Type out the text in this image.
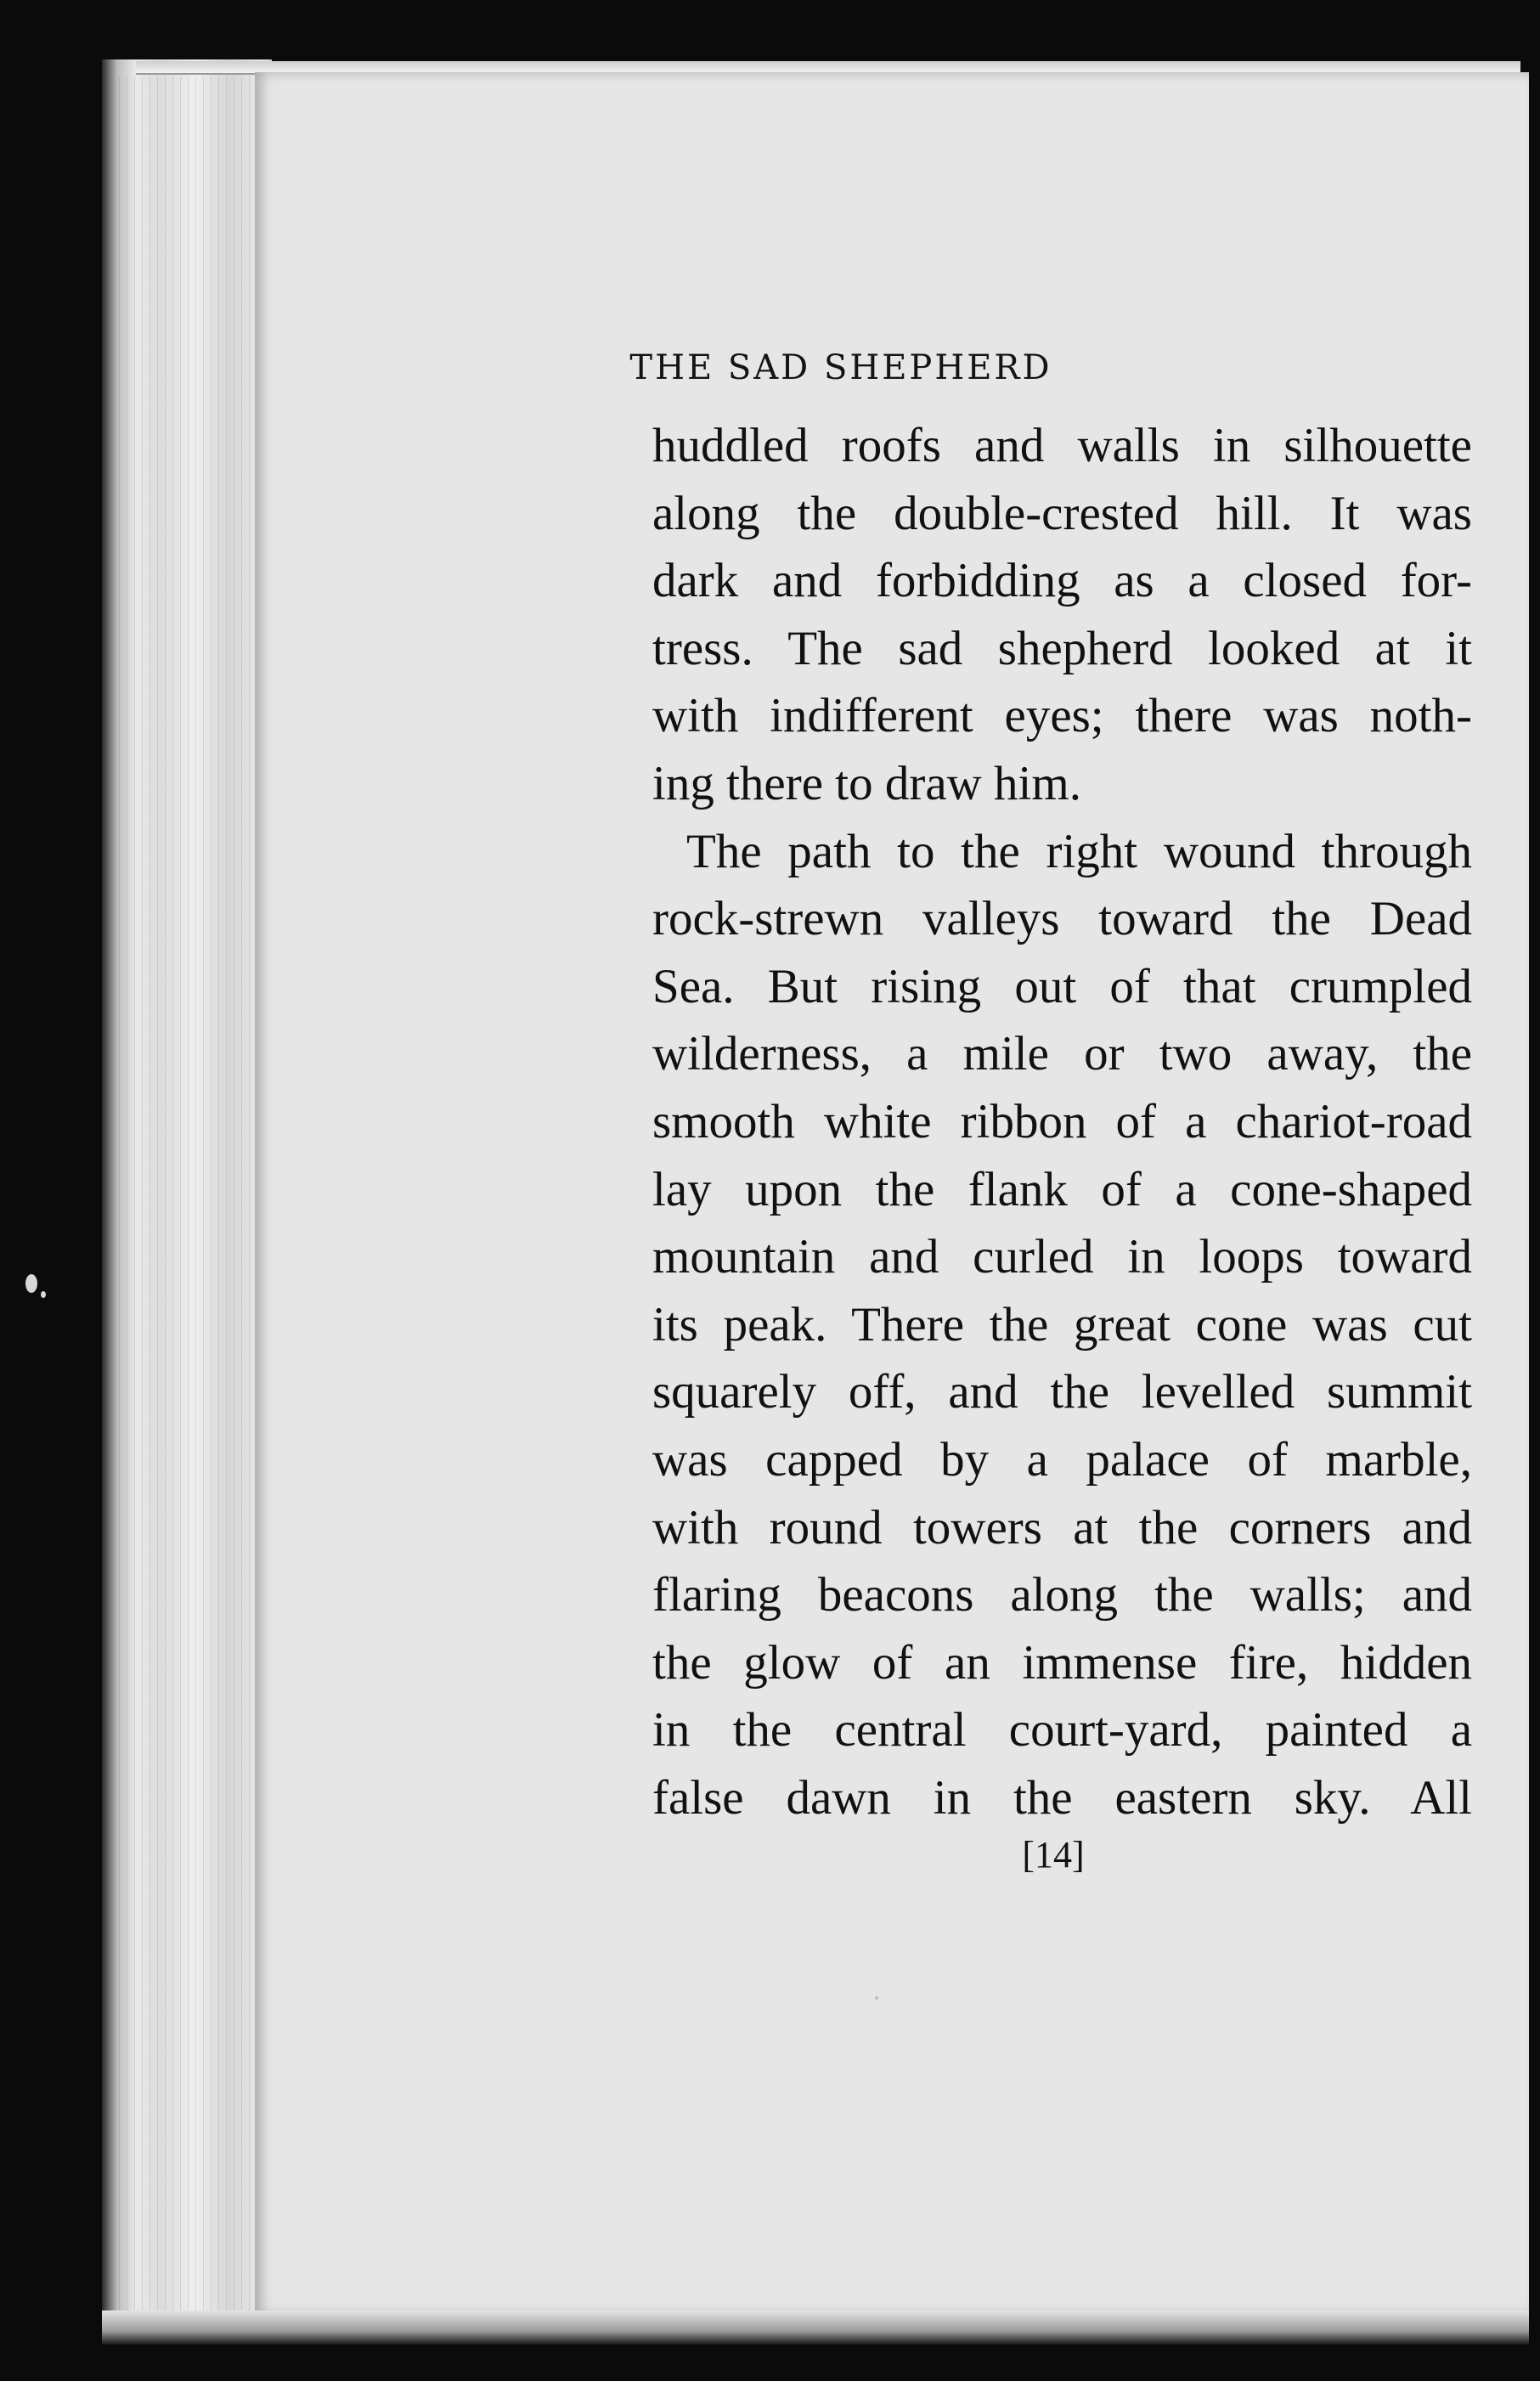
THE SAD SHEPHERD
huddled roofs and walls in silhouette
along the double-crested hill. It was
dark and forbidding as a closed for-
tress. The sad shepherd looked at it
with indifferent eyes; there was noth-
ing there to draw him.
The path to the right wound through
rock-strewn valleys toward the Dead
Sea. But rising out of that crumpled
wilderness, a mile or two away, the
smooth white ribbon of a chariot-road
lay upon the flank of a cone-shaped
mountain and curled in loops toward
its peak. There the great cone was cut
squarely off, and the levelled summit
was capped by a palace of marble,
with round towers at the corners and
flaring beacons along the walls; and
the glow of an immense fire, hidden
in the central court-yard, painted a
false dawn in the eastern sky. All
[14]
